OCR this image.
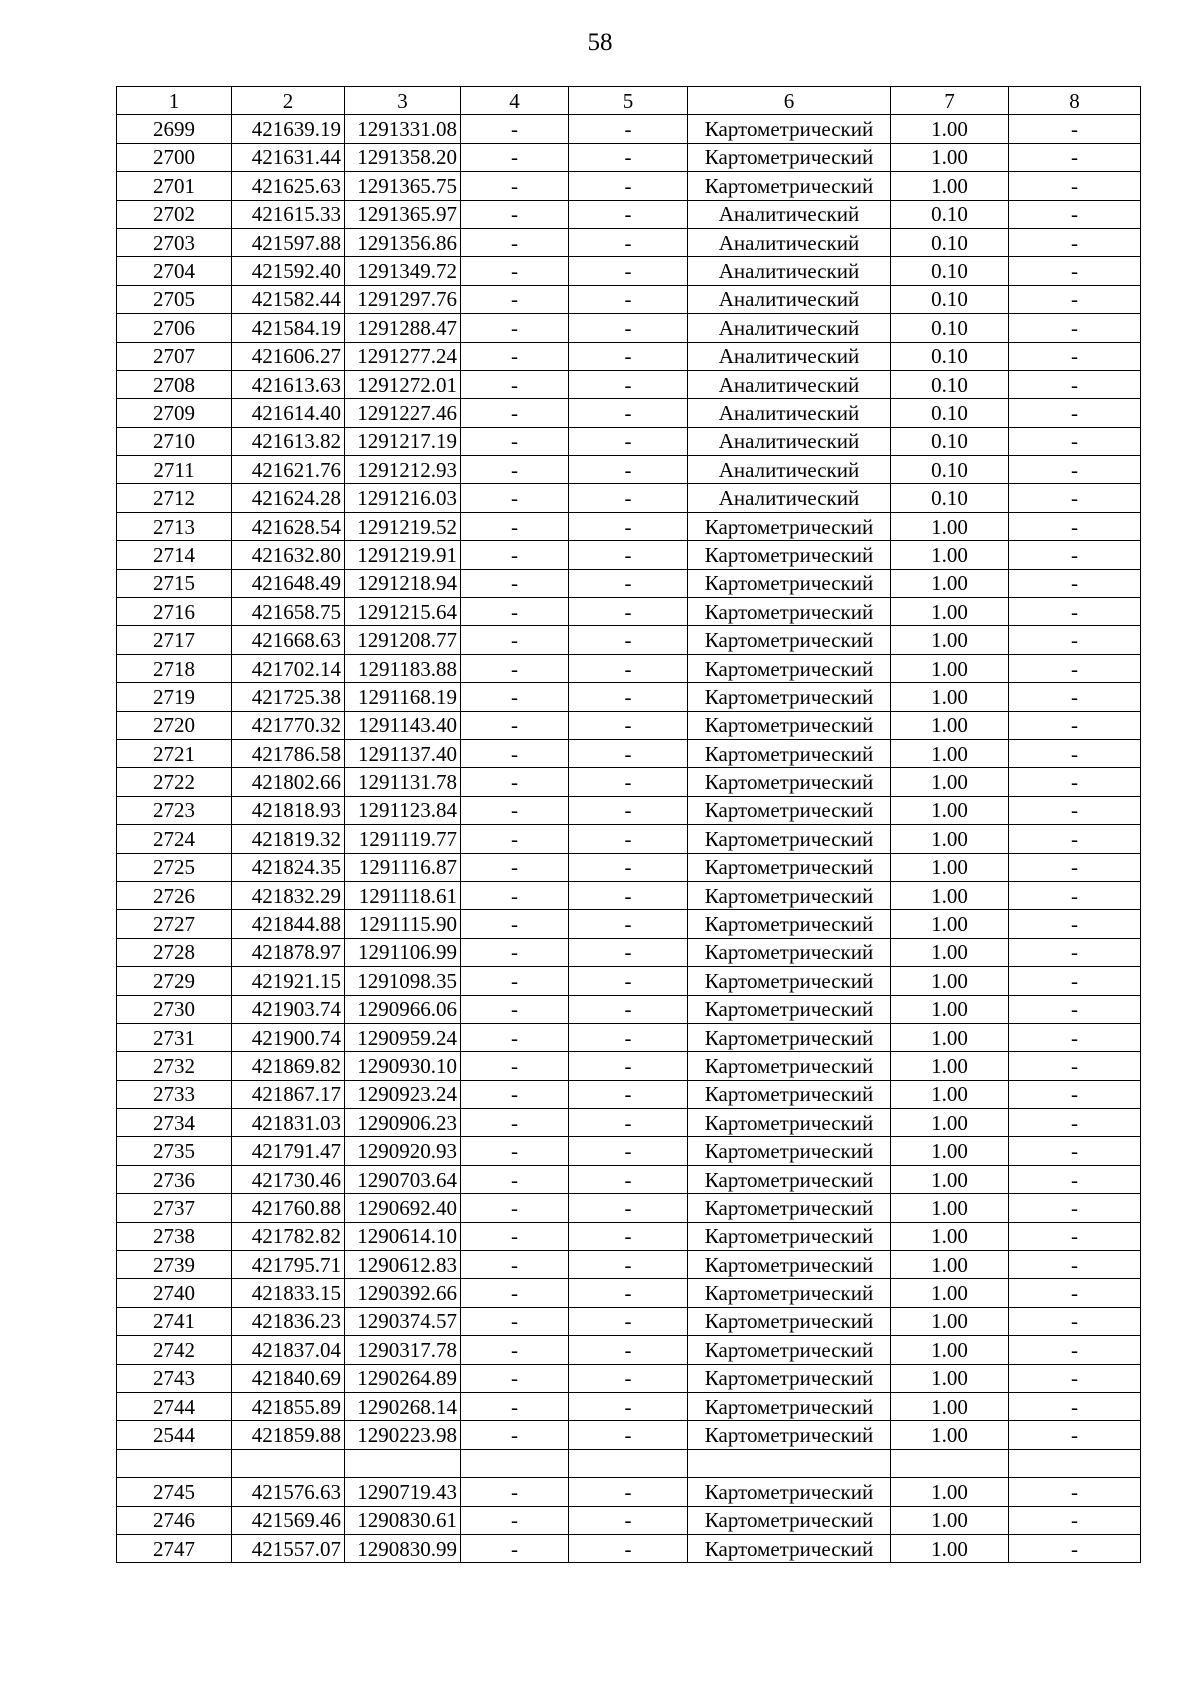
58
1	2	3	4	5	6	7	8
2699	421639.19	1291331.08	-	-	Картометрический	1.00	-
2700	421631.44	1291358.20	-	-	Картометрический	1.00	-
2701	421625.63	1291365.75	-	-	Картометрический	1.00	-
2702	421615.33	1291365.97	-	-	Аналитический	0.10	-
2703	421597.88	1291356.86	-	-	Аналитический	0.10	-
2704	421592.40	1291349.72	-	-	Аналитический	0.10	-
2705	421582.44	1291297.76	-	-	Аналитический	0.10	-
2706	421584.19	1291288.47	-	-	Аналитический	0.10	-
2707	421606.27	1291277.24	-	-	Аналитический	0.10	-
2708	421613.63	1291272.01	-	-	Аналитический	0.10	-
2709	421614.40	1291227.46	-	-	Аналитический	0.10	-
2710	421613.82	1291217.19	-	-	Аналитический	0.10	-
2711	421621.76	1291212.93	-	-	Аналитический	0.10	-
2712	421624.28	1291216.03	-	-	Аналитический	0.10	-
2713	421628.54	1291219.52	-	-	Картометрический	1.00	-
2714	421632.80	1291219.91	-	-	Картометрический	1.00	-
2715	421648.49	1291218.94	-	-	Картометрический	1.00	-
2716	421658.75	1291215.64	-	-	Картометрический	1.00	-
2717	421668.63	1291208.77	-	-	Картометрический	1.00	-
2718	421702.14	1291183.88	-	-	Картометрический	1.00	-
2719	421725.38	1291168.19	-	-	Картометрический	1.00	-
2720	421770.32	1291143.40	-	-	Картометрический	1.00	-
2721	421786.58	1291137.40	-	-	Картометрический	1.00	-
2722	421802.66	1291131.78	-	-	Картометрический	1.00	-
2723	421818.93	1291123.84	-	-	Картометрический	1.00	-
2724	421819.32	1291119.77	-	-	Картометрический	1.00	-
2725	421824.35	1291116.87	-	-	Картометрический	1.00	-
2726	421832.29	1291118.61	-	-	Картометрический	1.00	-
2727	421844.88	1291115.90	-	-	Картометрический	1.00	-
2728	421878.97	1291106.99	-	-	Картометрический	1.00	-
2729	421921.15	1291098.35	-	-	Картометрический	1.00	-
2730	421903.74	1290966.06	-	-	Картометрический	1.00	-
2731	421900.74	1290959.24	-	-	Картометрический	1.00	-
2732	421869.82	1290930.10	-	-	Картометрический	1.00	-
2733	421867.17	1290923.24	-	-	Картометрический	1.00	-
2734	421831.03	1290906.23	-	-	Картометрический	1.00	-
2735	421791.47	1290920.93	-	-	Картометрический	1.00	-
2736	421730.46	1290703.64	-	-	Картометрический	1.00	-
2737	421760.88	1290692.40	-	-	Картометрический	1.00	-
2738	421782.82	1290614.10	-	-	Картометрический	1.00	-
2739	421795.71	1290612.83	-	-	Картометрический	1.00	-
2740	421833.15	1290392.66	-	-	Картометрический	1.00	-
2741	421836.23	1290374.57	-	-	Картометрический	1.00	-
2742	421837.04	1290317.78	-	-	Картометрический	1.00	-
2743	421840.69	1290264.89	-	-	Картометрический	1.00	-
2744	421855.89	1290268.14	-	-	Картометрический	1.00	-
2544	421859.88	1290223.98	-	-	Картометрический	1.00	-

2745	421576.63	1290719.43	-	-	Картометрический	1.00	-
2746	421569.46	1290830.61	-	-	Картометрический	1.00	-
2747	421557.07	1290830.99	-	-	Картометрический	1.00	-
